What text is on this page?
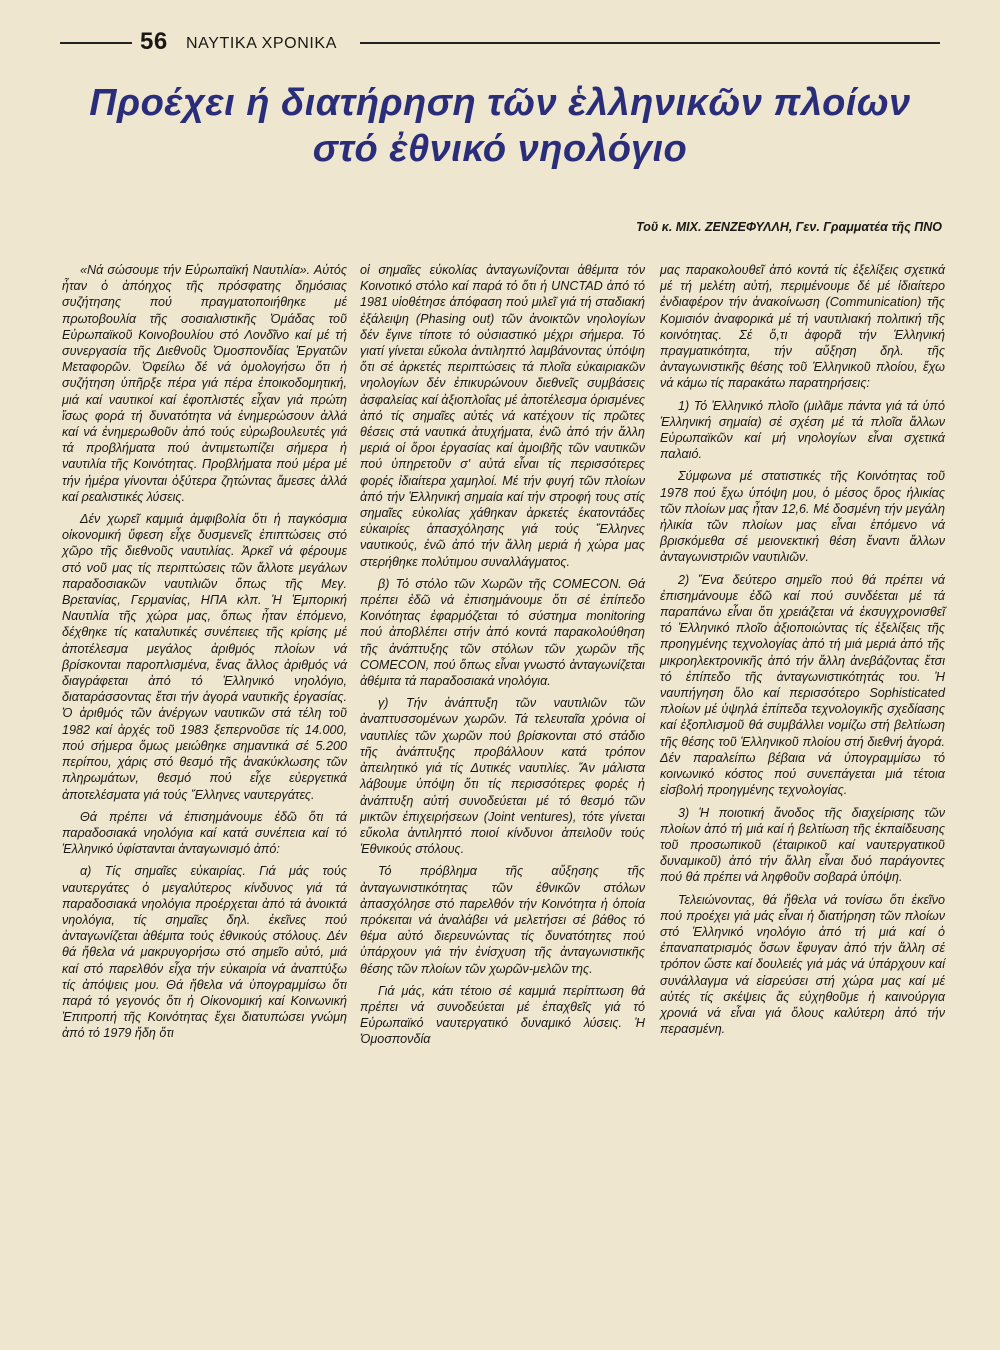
56 ΝΑΥΤΙΚΑ ΧΡΟΝΙΚΑ
Προέχει ή διατήρηση τῶν ἑλληνικῶν πλοίων
στό ἐθνικό νηολόγιο
Τοῦ κ. ΜΙΧ. ΖΕΝΖΕΦΥΛΛΗ, Γεν. Γραμματέα τῆς ΠΝΟ

«Νά σώσουμε τήν Εὐρωπαϊκή Ναυτιλία». Αὐτός ἦταν ὁ ἀπόηχος τῆς πρόσφατης δημόσιας συζήτησης πού πραγματοποιήθηκε μέ πρωτοβουλία τῆς σοσιαλιστικῆς Ὁμάδας τοῦ Εὐρωπαϊκοῦ Κοινοβουλίου στό Λονδῖνο καί μέ τή συνεργασία τῆς Διεθνοῦς Ὁμοσπονδίας Ἐργατῶν Μεταφορῶν. Ὀφείλω δέ νά ὁμολογήσω ὅτι ἡ συζήτηση ὑπῆρξε πέρα γιά πέρα ἐποικοδομητική, μιά καί ναυτικοί καί ἐφοπλιστές εἶχαν γιά πρώτη ἴσως φορά τή δυνατότητα νά ἐνημερώσουν ἀλλά καί νά ἐνημερωθοῦν ἀπό τούς εὐρωβουλευτές γιά τά προβλήματα πού ἀντιμετωπίζει σήμερα ἡ ναυτιλία τῆς Κοινότητας. Προβλήματα πού μέρα μέ τήν ἡμέρα γίνονται ὀξύτερα ζητώντας ἄμεσες ἀλλά καί ρεαλιστικές λύσεις.

Δέν χωρεῖ καμμιά ἀμφιβολία ὅτι ἡ παγκόσμια οἰκονομική ὕφεση εἶχε δυσμενεῖς ἐπιπτώσεις στό χῶρο τῆς διεθνοῦς ναυτιλίας. Ἀρκεῖ νά φέρουμε στό νοῦ μας τίς περιπτώσεις τῶν ἄλλοτε μεγάλων παραδοσιακῶν ναυτιλιῶν ὅπως τῆς Μεγ. Βρετανίας, Γερμανίας, ΗΠΑ κλπ. Ἡ Ἐμπορική Ναυτιλία τῆς χώρα μας, ὅπως ἦταν ἑπόμενο, δέχθηκε τίς καταλυτικές συνέπειες τῆς κρίσης μέ ἀποτέλεσμα μεγάλος ἀριθμός πλοίων νά βρίσκονται παροπλισμένα, ἕνας ἄλλος ἀριθμός νά διαγράφεται ἀπό τό Ἑλληνικό νηολόγιο, διαταράσσοντας ἔτσι τήν ἀγορά ναυτικῆς ἐργασίας. Ὁ ἀριθμός τῶν ἀνέργων ναυτικῶν στά τέλη τοῦ 1982 καί ἀρχές τοῦ 1983 ξεπερνοῦσε τίς 14.000, πού σήμερα ὅμως μειώθηκε σημαντικά σέ 5.200 περίπου, χάρις στό θεσμό τῆς ἀνακύκλωσης τῶν πληρωμάτων, θεσμό πού εἶχε εὐεργετικά ἀποτελέσματα γιά τούς Ἕλληνες ναυτεργάτες.

Θά πρέπει νά ἐπισημάνουμε ἐδῶ ὅτι τά παραδοσιακά νηολόγια καί κατά συνέπεια καί τό Ἑλληνικό ὑφίστανται ἀνταγωνισμό ἀπό:

α) Τίς σημαῖες εὐκαιρίας. Γιά μάς τούς ναυτεργάτες ὁ μεγαλύτερος κίνδυνος γιά τά παραδοσιακά νηολόγια προέρχεται ἀπό τά ἀνοικτά νηολόγια, τίς σημαῖες δηλ. ἐκεῖνες πού ἀνταγωνίζεται ἀθέμιτα τούς ἐθνικούς στόλους. Δέν θά ἤθελα νά μακρυγορήσω στό σημεῖο αὐτό, μιά καί στό παρελθόν εἶχα τήν εὐκαιρία νά ἀναπτύξω τίς ἀπόψεις μου. Θά ἤθελα νά ὑπογραμμίσω ὅτι παρά τό γεγονός ὅτι ἡ Οἰκονομική καί Κοινωνική Ἐπιτροπή τῆς Κοινότητας ἔχει διατυπώσει γνώμη ἀπό τό 1979 ἤδη ὅτι

οἱ σημαῖες εὐκολίας ἀνταγωνίζονται ἀθέμιτα τόν Κοινοτικό στόλο καί παρά τό ὅτι ἡ UNCTAD ἀπό τό 1981 υἱοθέτησε ἀπόφαση πού μιλεῖ γιά τή σταδιακή ἐξάλειψη (Phasing out) τῶν ἀνοικτῶν νηολογίων δέν ἔγινε τίποτε τό οὐσιαστικό μέχρι σήμερα. Τό γιατί γίνεται εὔκολα ἀντιληπτό λαμβάνοντας ὑπόψη ὅτι σέ ἀρκετές περιπτώσεις τά πλοῖα εὐκαιριακῶν νηολογίων δέν ἐπικυρώνουν διεθνεῖς συμβάσεις ἀσφαλείας καί ἀξιοπλοΐας μέ ἀποτέλεσμα ὁρισμένες ἀπό τίς σημαῖες αὐτές νά κατέχουν τίς πρῶτες θέσεις στά ναυτικά ἀτυχήματα, ἐνῶ ἀπό τήν ἄλλη μεριά οἱ ὅροι ἐργασίας καί ἀμοιβῆς τῶν ναυτικῶν πού ὑπηρετοῦν σ' αὐτά εἶναι τίς περισσότερες φορές ἰδιαίτερα χαμηλοί. Μέ τήν φυγή τῶν πλοίων ἀπό τήν Ἑλληνική σημαία καί τήν στροφή τους στίς σημαῖες εὐκολίας χάθηκαν ἀρκετές ἑκατοντάδες εὐκαιρίες ἀπασχόλησης γιά τούς Ἕλληνες ναυτικούς, ἐνῶ ἀπό τήν ἄλλη μεριά ἡ χώρα μας στερήθηκε πολύτιμου συναλλάγματος.

β) Τό στόλο τῶν Χωρῶν τῆς COMECON. Θά πρέπει ἐδῶ νά ἐπισημάνουμε ὅτι σέ ἐπίπεδο Κοινότητας ἐφαρμόζεται τό σύστημα monitoring πού ἀποβλέπει στήν ἀπό κοντά παρακολούθηση τῆς ἀνάπτυξης τῶν στόλων τῶν χωρῶν τῆς COMECON, πού ὅπως εἶναι γνωστό ἀνταγωνίζεται ἀθέμιτα τά παραδοσιακά νηολόγια.

γ) Τήν ἀνάπτυξη τῶν ναυτιλιῶν τῶν ἀναπτυσσομένων χωρῶν. Τά τελευταῖα χρόνια οἱ ναυτιλίες τῶν χωρῶν πού βρίσκονται στό στάδιο τῆς ἀνάπτυξης προβάλλουν κατά τρόπον ἀπειλητικό γιά τίς Δυτικές ναυτιλίες. Ἄν μάλιστα λάβουμε ὑπόψη ὅτι τίς περισσότερες φορές ἡ ἀνάπτυξη αὐτή συνοδεύεται μέ τό θεσμό τῶν μικτῶν ἐπιχειρήσεων (Joint ventures), τότε γίνεται εὔκολα ἀντιληπτό ποιοί κίνδυνοι ἀπειλοῦν τούς Ἐθνικούς στόλους.

Τό πρόβλημα τῆς αὔξησης τῆς ἀνταγωνιστικότητας τῶν ἐθνικῶν στόλων ἀπασχόλησε στό παρελθόν τήν Κοινότητα ἡ ὁποία πρόκειται νά ἀναλάβει νά μελετήσει σέ βάθος τό θέμα αὐτό διερευνώντας τίς δυνατότητες πού ὑπάρχουν γιά τήν ἐνίσχυση τῆς ἀνταγωνιστικῆς θέσης τῶν πλοίων τῶν χωρῶν-μελῶν της.

Γιά μάς, κάτι τέτοιο σέ καμμιά περίπτωση θά πρέπει νά συνοδεύεται μέ ἐπαχθεῖς γιά τό Εὐρωπαϊκό ναυτεργατικό δυναμικό λύσεις. Ἡ Ὁμοσπονδία

μας παρακολουθεῖ ἀπό κοντά τίς ἐξελίξεις σχετικά μέ τή μελέτη αὐτή, περιμένουμε δέ μέ ἰδιαίτερο ἐνδιαφέρον τήν ἀνακοίνωση (Communication) τῆς Κομισιόν ἀναφορικά μέ τή ναυτιλιακή πολιτική τῆς κοινότητας. Σέ ὅ,τι ἀφορᾶ τήν Ἑλληνική πραγματικότητα, τήν αὔξηση δηλ. τῆς ἀνταγωνιστικῆς θέσης τοῦ Ἑλληνικοῦ πλοίου, ἔχω νά κάμω τίς παρακάτω παρατηρήσεις:

1) Τό Ἑλληνικό πλοῖο (μιλᾶμε πάντα γιά τά ὑπό Ἑλληνική σημαία) σέ σχέση μέ τά πλοῖα ἄλλων Εὐρωπαϊκῶν καί μή νηολογίων εἶναι σχετικά παλαιό.

Σύμφωνα μέ στατιστικές τῆς Κοινότητας τοῦ 1978 πού ἔχω ὑπόψη μου, ὁ μέσος ὅρος ἡλικίας τῶν πλοίων μας ἦταν 12,6. Μέ δοσμένη τήν μεγάλη ἡλικία τῶν πλοίων μας εἶναι ἑπόμενο νά βρισκόμεθα σέ μειονεκτική θέση ἔναντι ἄλλων ἀνταγωνιστριῶν ναυτιλιῶν.

2) Ἕνα δεύτερο σημεῖο πού θά πρέπει νά ἐπισημάνουμε ἐδῶ καί πού συνδέεται μέ τά παραπάνω εἶναι ὅτι χρειάζεται νά ἐκσυγχρονισθεῖ τό Ἑλληνικό πλοῖο ἀξιοποιώντας τίς ἐξελίξεις τῆς προηγμένης τεχνολογίας ἀπό τή μιά μεριά ἀπό τῆς μικροηλεκτρονικῆς ἀπό τήν ἄλλη ἀνεβάζοντας ἔτσι τό ἐπίπεδο τῆς ἀνταγωνιστικότητάς του. Ἡ ναυπήγηση ὅλο καί περισσότερο Sophisticated πλοίων μέ ὑψηλά ἐπίπεδα τεχνολογικῆς σχεδίασης καί ἐξοπλισμοῦ θά συμβάλλει νομίζω στή βελτίωση τῆς θέσης τοῦ Ἑλληνικοῦ πλοίου στή διεθνή ἀγορά. Δέν παραλείπω βέβαια νά ὑπογραμμίσω τό κοινωνικό κόστος πού συνεπάγεται μιά τέτοια εἰσβολή προηγμένης τεχνολογίας.

3) Ἡ ποιοτική ἄνοδος τῆς διαχείρισης τῶν πλοίων ἀπό τή μιά καί ἡ βελτίωση τῆς ἐκπαίδευσης τοῦ προσωπικοῦ (ἐταιρικοῦ καί ναυτεργατικοῦ δυναμικοῦ) ἀπό τήν ἄλλη εἶναι δυό παράγοντες πού θά πρέπει νά ληφθοῦν σοβαρά ὑπόψη.

Τελειώνοντας, θά ἤθελα νά τονίσω ὅτι ἐκεῖνο πού προέχει γιά μάς εἶναι ἡ διατήρηση τῶν πλοίων στό Ἑλληνικό νηολόγιο ἀπό τή μιά καί ὁ ἐπαναπατρισμός ὅσων ἔφυγαν ἀπό τήν ἄλλη σέ τρόπον ὥστε καί δουλειές γιά μάς νά ὑπάρχουν καί συνάλλαγμα νά εἰσρεύσει στή χώρα μας καί μέ αὐτές τίς σκέψεις ἄς εὐχηθοῦμε ἡ καινούργια χρονιά νά εἶναι γιά ὅλους καλύτερη ἀπό τήν περασμένη.
